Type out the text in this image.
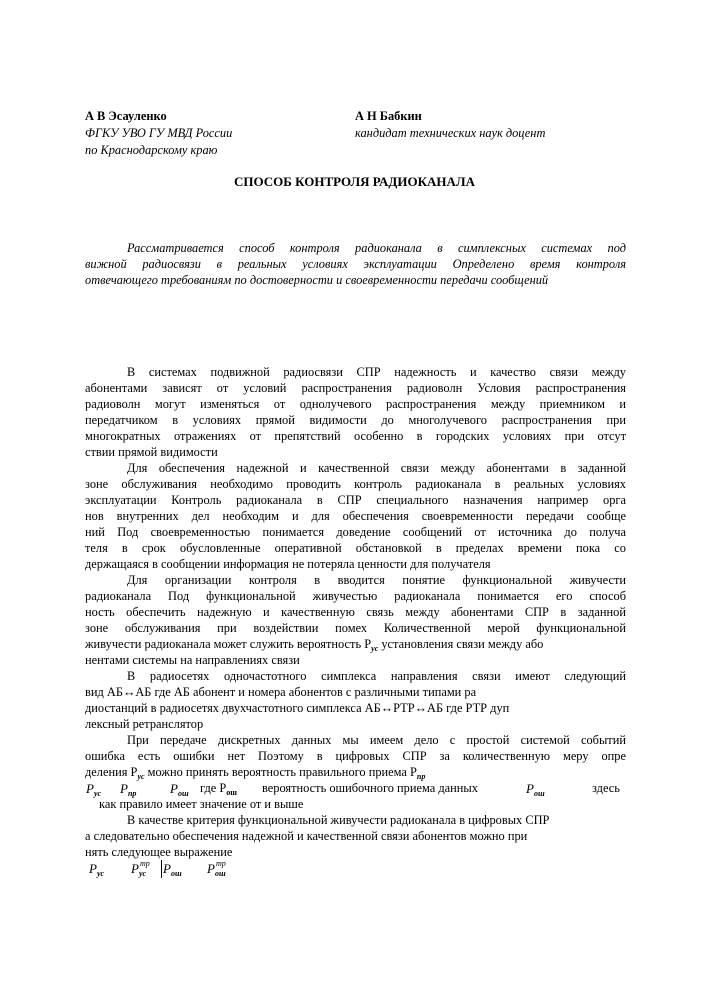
А В Эсауленко
ФГКУ УВО ГУ МВД России
по Краснодарскому краю
А Н Бабкин
кандидат технических наук доцент
СПОСОБ КОНТРОЛЯ РАДИОКАНАЛА
Рассматривается способ контроля радиоканала в симплексных системах под
вижной радиосвязи в реальных условиях эксплуатации Определено время контроля
отвечающего требованиям по достоверности и своевременности передачи сообщений
В системах подвижной радиосвязи СПР надежность и качество связи между
абонентами зависят от условий распространения радиоволн Условия распространения
радиоволн могут изменяться от однолучевого распространения между приемником и
передатчиком в условиях прямой видимости до многолучевого распространения при
многократных отражениях от препятствий особенно в городских условиях при отсут
ствии прямой видимости
Для обеспечения надежной и качественной связи между абонентами в заданной
зоне обслуживания необходимо проводить контроль радиоканала в реальных условиях
эксплуатации Контроль радиоканала в СПР специального назначения например орга
нов внутренних дел необходим и для обеспечения своевременности передачи сообще
ний Под своевременностью понимается доведение сообщений от источника до получа
теля в срок обусловленные оперативной обстановкой в пределах времени пока со
держащаяся в сообщении информация не потеряла ценности для получателя
Для организации контроля в вводится понятие функциональной живучести
радиоканала Под функциональной живучестью радиоканала понимается его способ
ность обеспечить надежную и качественную связь между абонентами СПР в заданной
зоне обслуживания при воздействии помех Количественной мерой функциональной
живучести радиоканала может служить вероятность $P_{ус}$ установления связи между або
нентами системы на направлениях связи
В радиосетях одночастотного симплекса направления связи имеют следующий
вид АБ↔АБ где АБ абонент и номера абонентов с различными типами ра
диостанций в радиосетях двухчастотного симплекса АБ↔РТР↔АБ где РТР дуп
лексный ретранслятор
При передаче дискретных данных мы имеем дело с простой системой событий
ошибка есть ошибки нет Поэтому в цифровых СПР за количественную меру опре
деления $P_{ус}$ можно принять вероятность правильного приема $P_{пр}$
$P_{ус}$ $P_{пр}$	$P_{ош}$ где $P_{ош}$ вероятность ошибочного приема данных	$P_{ош}$	здесь
как правило имеет значение от и выше
В качестве критерия функциональной живучести радиоканала в цифровых СПР
а следовательно обеспечения надежной и качественной связи абонентов можно при
нять следующее выражение
$P_{ус}$ P тр
$_{ус}$ $P_{ош}$ P тр
$_{ош}$
